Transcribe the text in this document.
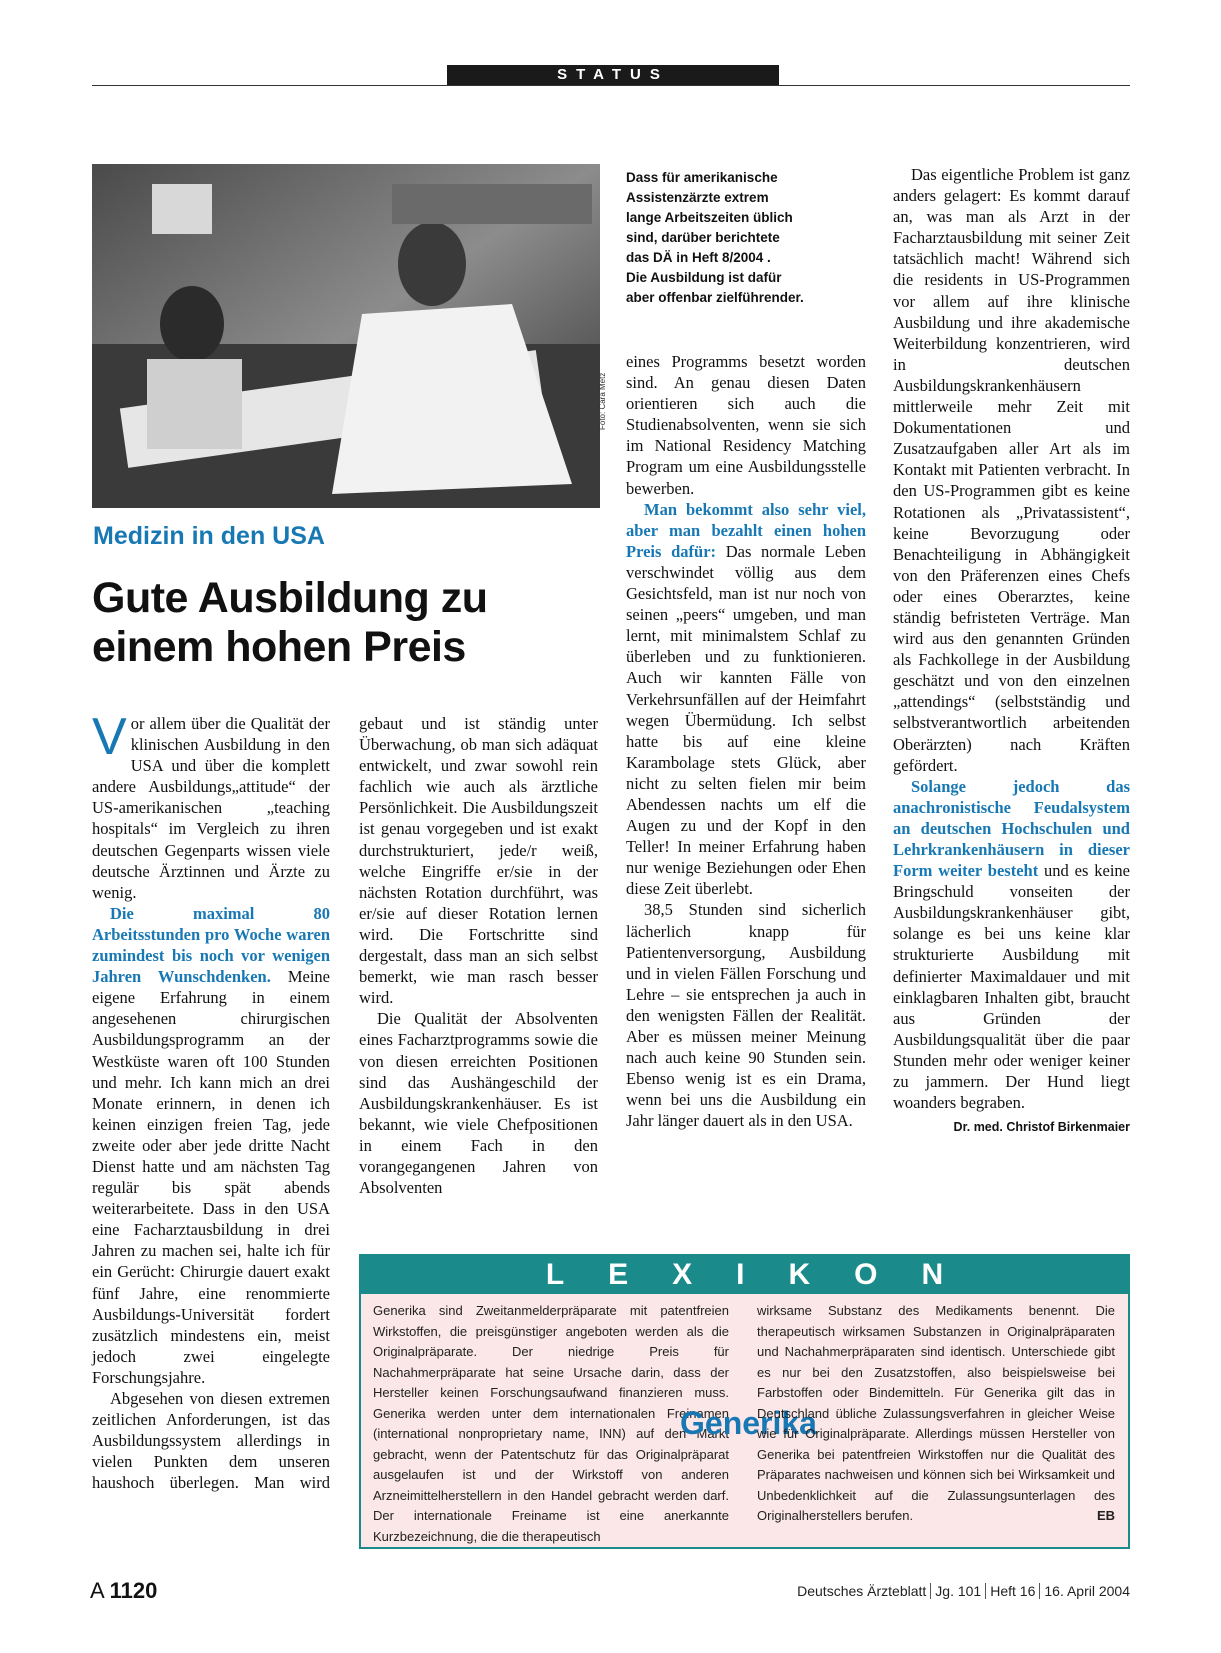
STATUS
Foto: Cara Metz
Dass für amerikanische
Assistenzärzte extrem
lange Arbeitszeiten üblich
sind, darüber berichtete
das DÄ in Heft 8/2004 .
Die Ausbildung ist dafür
aber offenbar zielführender.
Medizin in den USA
Gute Ausbildung zu einem hohen Preis

Vor allem über die Qualität der klinischen Ausbildung in den USA und über die komplett andere Ausbildungs„attitude“ der US-amerikanischen „teaching hospitals“ im Vergleich zu ihren deutschen Gegenparts wissen viele deutsche Ärztinnen und Ärzte zu wenig.

Die maximal 80 Arbeitsstunden pro Woche waren zumindest bis noch vor wenigen Jahren Wunschdenken. Meine eigene Erfahrung in einem angesehenen chirurgischen Ausbildungsprogramm an der Westküste waren oft 100 Stunden und mehr. Ich kann mich an drei Monate erinnern, in denen ich keinen einzigen freien Tag, jede zweite oder aber jede dritte Nacht Dienst hatte und am nächsten Tag regulär bis spät abends weiterarbeitete. Dass in den USA eine Facharztausbildung in drei Jahren zu machen sei, halte ich für ein Gerücht: Chirurgie dauert exakt fünf Jahre, eine renommierte Ausbildungs-Universität fordert zusätzlich mindestens ein, meist jedoch zwei eingelegte Forschungsjahre.

Abgesehen von diesen extremen zeitlichen Anforderungen, ist das Ausbildungssystem allerdings in vielen Punkten dem unseren haushoch überlegen. Man wird

gebaut und ist ständig unter Überwachung, ob man sich adäquat entwickelt, und zwar sowohl rein fachlich wie auch als ärztliche Persönlichkeit. Die Ausbildungszeit ist genau vorgegeben und ist exakt durchstrukturiert, jede/r weiß, welche Eingriffe er/sie in der nächsten Rotation durchführt, was er/sie auf dieser Rotation lernen wird. Die Fortschritte sind dergestalt, dass man an sich selbst bemerkt, wie man rasch besser wird.

Die Qualität der Absolventen eines Facharztprogramms sowie die von diesen erreichten Positionen sind das Aushängeschild der Ausbildungskrankenhäuser. Es ist bekannt, wie viele Chefpositionen in einem Fach in den vorangegangenen Jahren von Absolventen

eines Programms besetzt worden sind. An genau diesen Daten orientieren sich auch die Studienabsolventen, wenn sie sich im National Residency Matching Program um eine Ausbildungsstelle bewerben.

Man bekommt also sehr viel, aber man bezahlt einen hohen Preis dafür: Das normale Leben verschwindet völlig aus dem Gesichtsfeld, man ist nur noch von seinen „peers“ umgeben, und man lernt, mit minimalstem Schlaf zu überleben und zu funktionieren. Auch wir kannten Fälle von Verkehrsunfällen auf der Heimfahrt wegen Übermüdung. Ich selbst hatte bis auf eine kleine Karambolage stets Glück, aber nicht zu selten fielen mir beim Abendessen nachts um elf die Augen zu und der Kopf in den Teller! In meiner Erfahrung haben nur wenige Beziehungen oder Ehen diese Zeit überlebt.

38,5 Stunden sind sicherlich lächerlich knapp für Patientenversorgung, Ausbildung und in vielen Fällen Forschung und Lehre – sie entsprechen ja auch in den wenigsten Fällen der Realität. Aber es müssen meiner Meinung nach auch keine 90 Stunden sein. Ebenso wenig ist es ein Drama, wenn bei uns die Ausbildung ein Jahr länger dauert als in den USA.

Das eigentliche Problem ist ganz anders gelagert: Es kommt darauf an, was man als Arzt in der Facharztausbildung mit seiner Zeit tatsächlich macht! Während sich die residents in US-Programmen vor allem auf ihre klinische Ausbildung und ihre akademische Weiterbildung konzentrieren, wird in deutschen Ausbildungskrankenhäusern mittlerweile mehr Zeit mit Dokumentationen und Zusatzaufgaben aller Art als im Kontakt mit Patienten verbracht. In den US-Programmen gibt es keine Rotationen als „Privatassistent“, keine Bevorzugung oder Benachteiligung in Abhängigkeit von den Präferenzen eines Chefs oder eines Oberarztes, keine ständig befristeten Verträge. Man wird aus den genannten Gründen als Fachkollege in der Ausbildung geschätzt und von den einzelnen „attendings“ (selbstständig und selbstverantwortlich arbeitenden Oberärzten) nach Kräften gefördert.

Solange jedoch das anachronistische Feudalsystem an deutschen Hochschulen und Lehrkrankenhäusern in dieser Form weiter besteht und es keine Bringschuld vonseiten der Ausbildungskrankenhäuser gibt, solange es bei uns keine klar strukturierte Ausbildung mit definierter Maximaldauer und mit einklagbaren Inhalten gibt, braucht aus Gründen der Ausbildungsqualität über die paar Stunden mehr oder weniger keiner zu jammern. Der Hund liegt woanders begraben.

Dr. med. Christof Birkenmaier
LEXIKON
Generika sind Zweitanmelderpräparate mit patentfreien Wirkstoffen, die preisgünstiger angeboten werden als die Originalpräparate. Der niedrige Preis für Nachahmerpräparate hat seine Ursache darin, dass der Hersteller keinen Forschungsaufwand finanzieren muss. Generika werden unter dem internationalen Freinamen (international nonproprietary name, INN) auf den Markt gebracht, wenn der Patentschutz für das Originalpräparat ausgelaufen ist und der Wirkstoff von anderen Arzneimittelherstellern in den Handel gebracht werden darf. Der internationale Freiname ist eine anerkannte Kurzbezeichnung, die die therapeutisch
Generika
wirksame Substanz des Medikaments benennt. Die therapeutisch wirksamen Substanzen in Originalpräparaten und Nachahmerpräparaten sind identisch. Unterschiede gibt es nur bei den Zusatzstoffen, also beispielsweise bei Farbstoffen oder Bindemitteln. Für Generika gilt das in Deutschland übliche Zulassungsverfahren in gleicher Weise wie für Originalpräparate. Allerdings müssen Hersteller von Generika bei patentfreien Wirkstoffen nur die Qualität des Präparates nachweisen und können sich bei Wirksamkeit und Unbedenklichkeit auf die Zulassungsunterlagen des Originalherstellers berufen.	EB
A 1120	Deutsches Ärzteblatt Jg. 101 Heft 16 16. April 2004
